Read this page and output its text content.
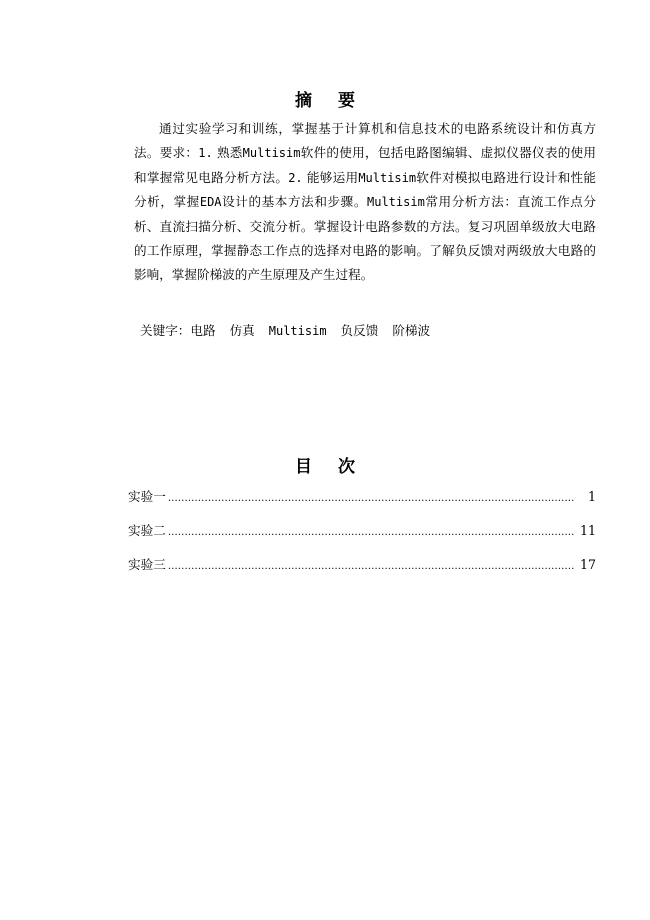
摘要

通过实验学习和训练，掌握基于计算机和信息技术的电路系统设计和仿真方法。要求：1. 熟悉Multisim软件的使用，包括电路图编辑、虚拟仪器仪表的使用和掌握常见电路分析方法。2. 能够运用Multisim软件对模拟电路进行设计和性能分析，掌握EDA设计的基本方法和步骤。Multisim常用分析方法：直流工作点分析、直流扫描分析、交流分析。掌握设计电路参数的方法。复习巩固单级放大电路的工作原理，掌握静态工作点的选择对电路的影响。了解负反馈对两级放大电路的影响，掌握阶梯波的产生原理及产生过程。

关键字：电路 仿真 Multisim 负反馈 阶梯波

目次
实验一 …………………………………………………………………………………………………………………………………………	1
实验二 …………………………………………………………………………………………………………………………………………	11
实验三 …………………………………………………………………………………………………………………………………………	17
